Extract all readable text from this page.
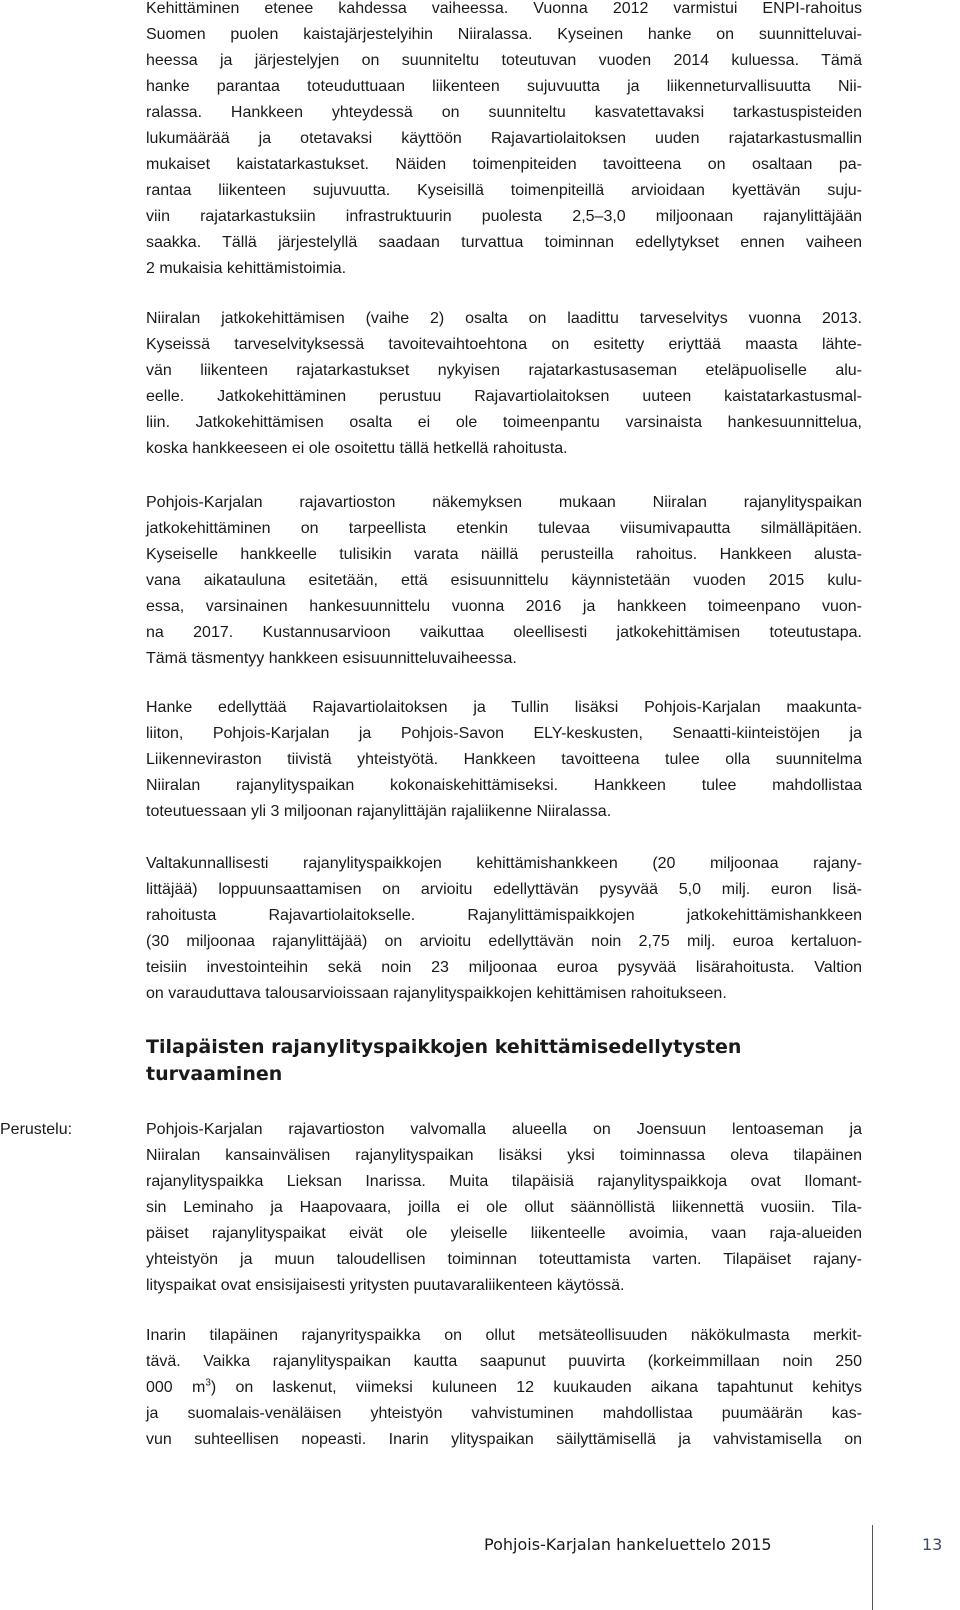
Kehittäminen etenee kahdessa vaiheessa. Vuonna 2012 varmistui ENPI-rahoitus
Suomen puolen kaistajärjestelyihin Niiralassa. Kyseinen hanke on suunnitteluvai-
heessa ja järjestelyjen on suunniteltu toteutuvan vuoden 2014 kuluessa. Tämä
hanke parantaa toteuduttuaan liikenteen sujuvuutta ja liikenneturvallisuutta Nii-
ralassa. Hankkeen yhteydessä on suunniteltu kasvatettavaksi tarkastuspisteiden
lukumäärää ja otetavaksi käyttöön Rajavartiolaitoksen uuden rajatarkastusmallin
mukaiset kaistatarkastukset. Näiden toimenpiteiden tavoitteena on osaltaan pa-
rantaa liikenteen sujuvuutta. Kyseisillä toimenpiteillä arvioidaan kyettävän suju-
viin rajatarkastuksiin infrastruktuurin puolesta 2,5–3,0 miljoonaan rajanylittäjään
saakka. Tällä järjestelyllä saadaan turvattua toiminnan edellytykset ennen vaiheen
2 mukaisia kehittämistoimia.
Niiralan jatkokehittämisen (vaihe 2) osalta on laadittu tarveselvitys vuonna 2013.
Kyseissä tarveselvityksessä tavoitevaihtoehtona on esitetty eriyttää maasta lähte-
vän liikenteen rajatarkastukset nykyisen rajatarkastusaseman eteläpuoliselle alu-
eelle. Jatkokehittäminen perustuu Rajavartiolaitoksen uuteen kaistatarkastusmal-
liin. Jatkokehittämisen osalta ei ole toimeenpantu varsinaista hankesuunnittelua,
koska hankkeeseen ei ole osoitettu tällä hetkellä rahoitusta.
Pohjois-Karjalan rajavartioston näkemyksen mukaan Niiralan rajanylityspaikan
jatkokehittäminen on tarpeellista etenkin tulevaa viisumivapautta silmälläpitäen.
Kyseiselle hankkeelle tulisikin varata näillä perusteilla rahoitus. Hankkeen alusta-
vana aikatauluna esitetään, että esisuunnittelu käynnistetään vuoden 2015 kulu-
essa, varsinainen hankesuunnittelu vuonna 2016 ja hankkeen toimeenpano vuon-
na 2017. Kustannusarvioon vaikuttaa oleellisesti jatkokehittämisen toteutustapa.
Tämä täsmentyy hankkeen esisuunnitteluvaiheessa.
Hanke edellyttää Rajavartiolaitoksen ja Tullin lisäksi Pohjois-Karjalan maakunta-
liiton, Pohjois-Karjalan ja Pohjois-Savon ELY-keskusten, Senaatti-kiinteistöjen ja
Liikenneviraston tiivistä yhteistyötä. Hankkeen tavoitteena tulee olla suunnitelma
Niiralan rajanylityspaikan kokonaiskehittämiseksi. Hankkeen tulee mahdollistaa
toteutuessaan yli 3 miljoonan rajanylittäjän rajaliikenne Niiralassa.
Valtakunnallisesti rajanylityspaikkojen kehittämishankkeen (20 miljoonaa rajany-
littäjää) loppuunsaattamisen on arvioitu edellyttävän pysyvää 5,0 milj. euron lisä-
rahoitusta Rajavartiolaitokselle. Rajanylittämispaikkojen jatkokehittämishankkeen
(30 miljoonaa rajanylittäjää) on arvioitu edellyttävän noin 2,75 milj. euroa kertaluon-
teisiin investointeihin sekä noin 23 miljoonaa euroa pysyvää lisärahoitusta. Valtion
on varauduttava talousarvioissaan rajanylityspaikkojen kehittämisen rahoitukseen.
Tilapäisten rajanylityspaikkojen kehittämisedellytysten
turvaaminen

Perustelu:	Pohjois-Karjalan rajavartioston valvomalla alueella on Joensuun lentoaseman ja
Niiralan kansainvälisen rajanylityspaikan lisäksi yksi toiminnassa oleva tilapäinen
rajanylityspaikka Lieksan Inarissa. Muita tilapäisiä rajanylityspaikkoja ovat Ilomant-
sin Leminaho ja Haapovaara, joilla ei ole ollut säännöllistä liikennettä vuosiin. Tila-
päiset rajanylityspaikat eivät ole yleiselle liikenteelle avoimia, vaan raja-alueiden
yhteistyön ja muun taloudellisen toiminnan toteuttamista varten. Tilapäiset rajany-
lityspaikat ovat ensisijaisesti yritysten puutavaraliikenteen käytössä.
Inarin tilapäinen rajanyrityspaikka on ollut metsäteollisuuden näkökulmasta merkit-
tävä. Vaikka rajanylityspaikan kautta saapunut puuvirta (korkeimmillaan noin 250
000 $m^3$) on laskenut, viimeksi kuluneen 12 kuukauden aikana tapahtunut kehitys
ja suomalais-venäläisen yhteistyön vahvistuminen mahdollistaa puumäärän kas-
vun suhteellisen nopeasti. Inarin ylityspaikan säilyttämisellä ja vahvistamisella on
Pohjois-Karjalan hankeluettelo 2015	13
